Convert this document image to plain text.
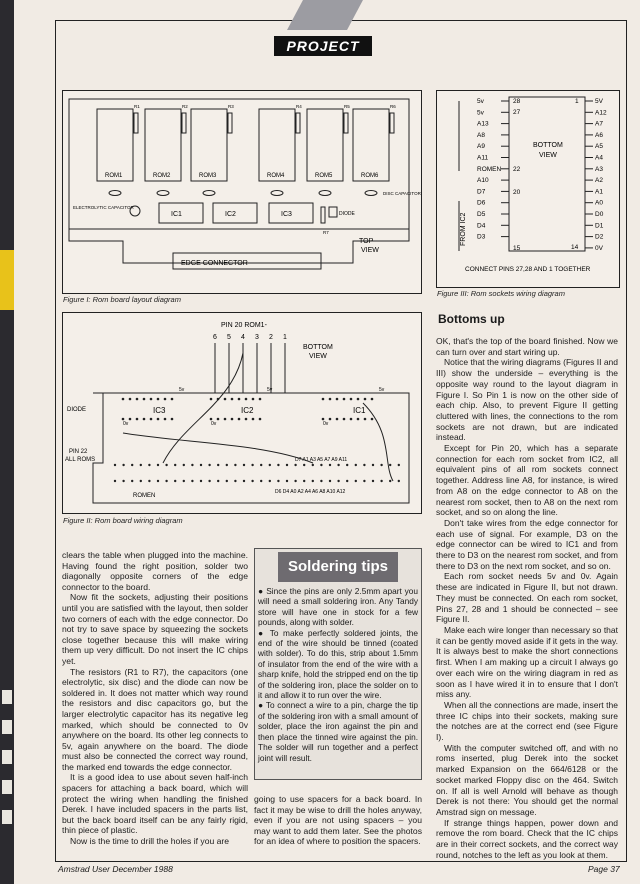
PROJECT
EDGE CONNECTOR
ROM1
R1
ROM2
R2
ROM3
R3
ROM4
R4
ROM5
R5
ROM6
R6
IC1	IC2	IC3
R7
ELECTROLYTIC CAPACITOR
DISC CAPACITORS
DIODE
TOP
VIEW
Figure I: Rom board layout diagram
BOTTOM
VIEW
FROM IC2
CONNECT PINS 27,28 AND 1 TOGETHER
5v
5v
A13
A8
A9
A11
ROMEN
A10
D7
D6
D5
D4
D3
28
27
22
20
15
5V
A12
A7
A6
A5
A4
A3
A2
A1
A0
D0
D1
D2
0V
1
14
Figure III: Rom sockets wiring diagram
PIN 20 ROM1-
BOTTOM
VIEW
DIODE
PIN 22
ALL ROMS
ROMEN
D7 A1 A3 A5 A7 A9 A11
D6 D4 A0 A2 A4 A6 A8 A10 A12
6 5 4 3 2 1
IC3
5v
0v
IC2
5v
0v
IC1
5v
0v
Figure II: Rom board wiring diagram

clears the table when plugged into the machine. Having found the right position, solder two diagonally opposite corners of the edge connector to the board.

Now fit the sockets, adjusting their positions until you are satisfied with the layout, then solder two corners of each with the edge connector. Do not try to save space by squeezing the sockets close together because this will make wiring them up very difficult. Do not insert the IC chips yet.

The resistors (R1 to R7), the capacitors (one electrolytic, six disc) and the diode can now be soldered in. It does not matter which way round the resistors and disc capacitors go, but the larger electrolytic capacitor has its negative leg marked, which should be connected to 0v anywhere on the board. Its other leg connects to 5v, again anywhere on the board. The diode must also be connected the correct way round, the marked end towards the edge connector.

It is a good idea to use about seven half-inch spacers for attaching a back board, which will protect the wiring when handling the finished Derek. I have included spacers in the parts list, but the back board itself can be any fairly rigid, thin piece of plastic.

Now is the time to drill the holes if you are

Soldering tips

● Since the pins are only 2.5mm apart you will need a small soldering iron. Any Tandy store will have one in stock for a few pounds, along with solder.

● To make perfectly soldered joints, the end of the wire should be tinned (coated with solder). To do this, strip about 1.5mm of insulator from the end of the wire with a sharp knife, hold the stripped end on the tip of the soldering iron, place the solder on to it and allow it to run over the wire.

● To connect a wire to a pin, charge the tip of the soldering iron with a small amount of solder, place the iron against the pin and then place the tinned wire against the pin. The solder will run together and a perfect joint will result.

going to use spacers for a back board. In fact it may be wise to drill the holes anyway, even if you are not using spacers – you may want to add them later. See the photos for an idea of where to position the spacers.
Bottoms up

OK, that's the top of the board finished. Now we can turn over and start wiring up.

Notice that the wiring diagrams (Figures II and III) show the underside – everything is the opposite way round to the layout diagram in Figure I. So Pin 1 is now on the other side of each chip. Also, to prevent Figure II getting cluttered with lines, the connections to the rom sockets are not drawn, but are indicated instead.

Except for Pin 20, which has a separate connection for each rom socket from IC2, all equivalent pins of all rom sockets connect together. Address line A8, for instance, is wired from A8 on the edge connector to A8 on the nearest rom socket, then to A8 on the next rom socket, and so on along the line.

Don't take wires from the edge connector for each use of signal. For example, D3 on the edge connector can be wired to IC1 and from there to D3 on the nearest rom socket, and from there to D3 on the next rom socket, and so on.

Each rom socket needs 5v and 0v. Again these are indicated in Figure II, but not drawn. They must be connected. On each rom socket, Pins 27, 28 and 1 should be connected – see Figure II.

Make each wire longer than necessary so that it can be gently moved aside if it gets in the way. It is always best to make the short connections first. When I am making up a circuit I always go over each wire on the wiring diagram in red as soon as I have wired it in to ensure that I don't miss any.

When all the connections are made, insert the three IC chips into their sockets, making sure the notches are at the correct end (see Figure I).

With the computer switched off, and with no roms inserted, plug Derek into the socket marked Expansion on the 664/6128 or the socket marked Floppy disc on the 464. Switch on. If all is well Arnold will behave as though Derek is not there: You should get the normal Amstrad sign on message.

If strange things happen, power down and remove the rom board. Check that the IC chips are in their correct sockets, and the correct way round, notches to the left as you look at them.

Amstrad User December 1988	Page 37
